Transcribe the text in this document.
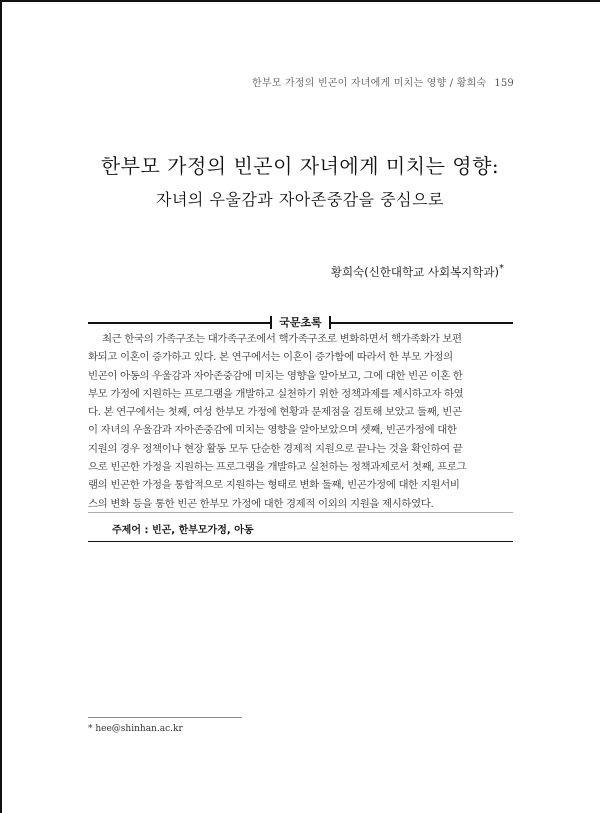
한부모 가정의 빈곤이 자녀에게 미치는 영향 / 황희숙 159
한부모 가정의 빈곤이 자녀에게 미치는 영향:
자녀의 우울감과 자아존중감을 중심으로
황희숙(신한대학교 사회복지학과)*
국문초록
최근 한국의 가족구조는 대가족구조에서 핵가족구조로 변화하면서 핵가족화가 보편
화되고 이혼이 증가하고 있다. 본 연구에서는 이혼이 증가함에 따라서 한 부모 가정의
빈곤이 아동의 우울감과 자아존중감에 미치는 영향을 알아보고, 그에 대한 빈곤 이혼 한
부모 가정에 지원하는 프로그램을 개발하고 실천하기 위한 정책과제를 제시하고자 하였
다. 본 연구에서는 첫째, 여성 한부모 가정에 현황과 문제점을 검토해 보았고 둘째, 빈곤
이 자녀의 우울감과 자아존중감에 미치는 영향을 알아보았으며 셋째, 빈곤가정에 대한
지원의 경우 정책이나 현장 활동 모두 단순한 경제적 지원으로 끝나는 것을 확인하여 끝
으로 빈곤한 가정을 지원하는 프로그램을 개발하고 실천하는 정책과제로서 첫째, 프로그
램의 빈곤한 가정을 통합적으로 지원하는 형태로 변화 둘째, 빈곤가정에 대한 지원서비
스의 변화 등을 통한 빈곤 한부모 가정에 대한 경제적 이외의 지원을 제시하였다.
주제어 : 빈곤, 한부모가정, 아동
* hee@shinhan.ac.kr
